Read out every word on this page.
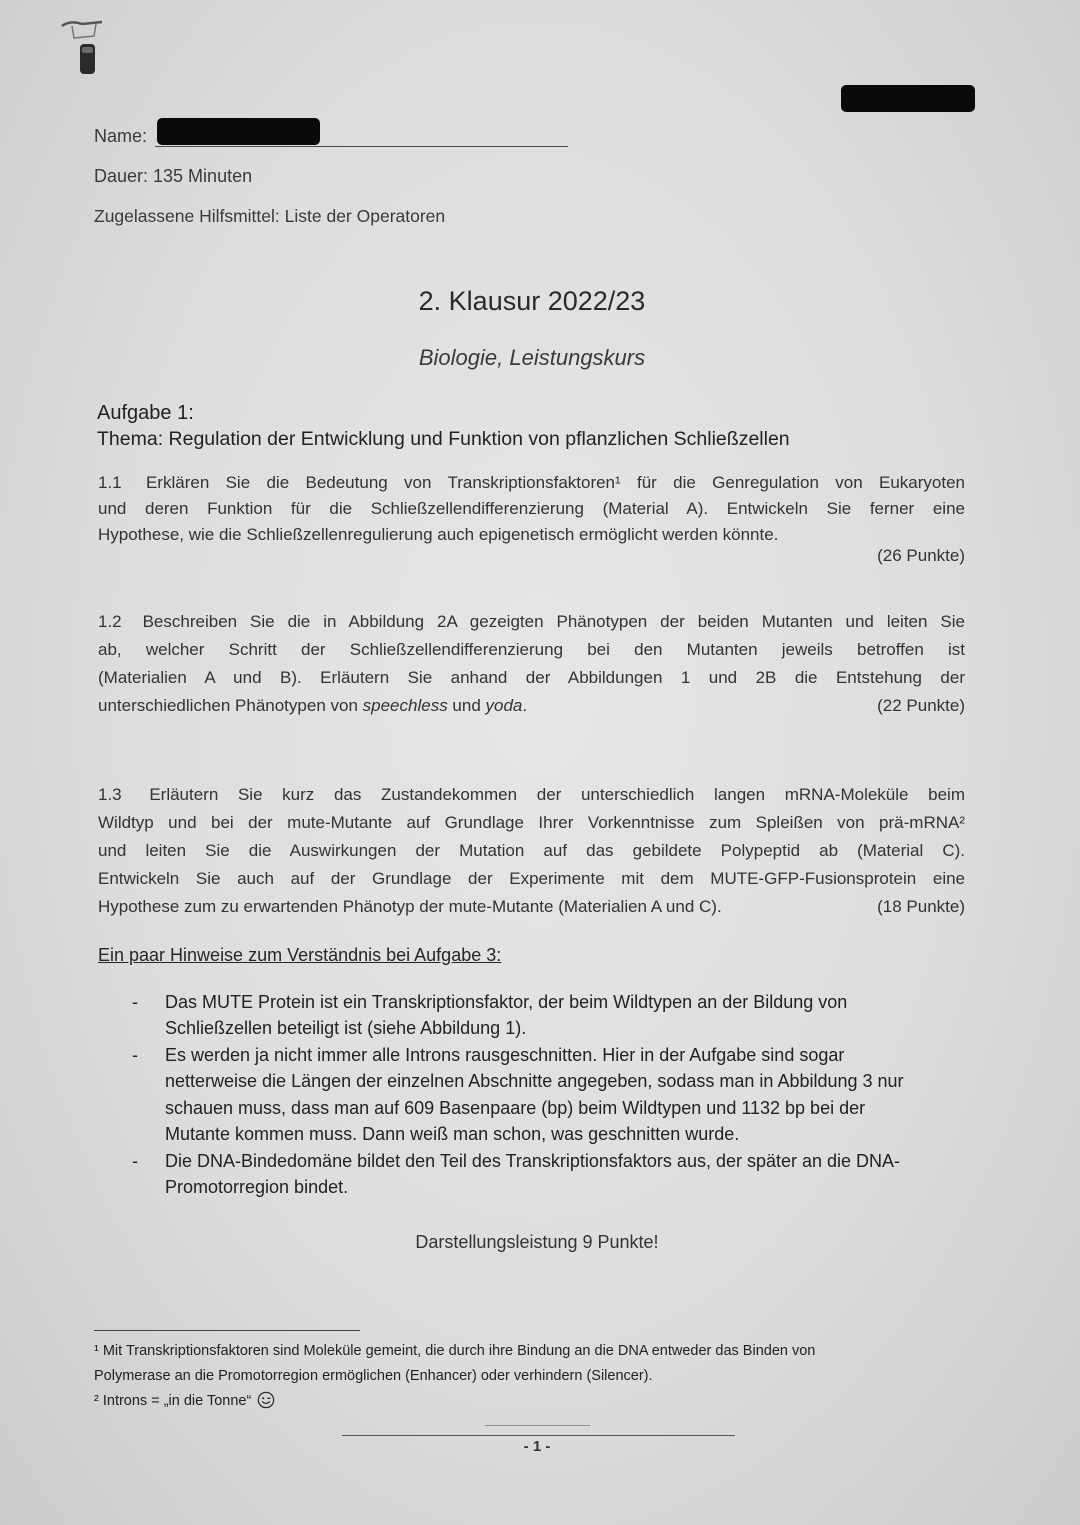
Name:
Dauer: 135 Minuten
Zugelassene Hilfsmittel: Liste der Operatoren
2. Klausur 2022/23
Biologie, Leistungskurs
Aufgabe 1:
Thema: Regulation der Entwicklung und Funktion von pflanzlichen Schließzellen
1.1 Erklären Sie die Bedeutung von Transkriptionsfaktoren¹ für die Genregulation von Eukaryoten
und deren Funktion für die Schließzellendifferenzierung (Material A). Entwickeln Sie ferner eine
Hypothese, wie die Schließzellenregulierung auch epigenetisch ermöglicht werden könnte.
(26 Punkte)
1.2 Beschreiben Sie die in Abbildung 2A gezeigten Phänotypen der beiden Mutanten und leiten Sie
ab, welcher Schritt der Schließzellendifferenzierung bei den Mutanten jeweils betroffen ist
(Materialien A und B). Erläutern Sie anhand der Abbildungen 1 und 2B die Entstehung der
unterschiedlichen Phänotypen von speechless und yoda.	(22 Punkte)
1.3 Erläutern Sie kurz das Zustandekommen der unterschiedlich langen mRNA-Moleküle beim
Wildtyp und bei der mute-Mutante auf Grundlage Ihrer Vorkenntnisse zum Spleißen von prä-mRNA²
und leiten Sie die Auswirkungen der Mutation auf das gebildete Polypeptid ab (Material C).
Entwickeln Sie auch auf der Grundlage der Experimente mit dem MUTE-GFP-Fusionsprotein eine
Hypothese zum zu erwartenden Phänotyp der mute-Mutante (Materialien A und C).	(18 Punkte)
Ein paar Hinweise zum Verständnis bei Aufgabe 3:
- Das MUTE Protein ist ein Transkriptionsfaktor, der beim Wildtypen an der Bildung von
Schließzellen beteiligt ist (siehe Abbildung 1).
- Es werden ja nicht immer alle Introns rausgeschnitten. Hier in der Aufgabe sind sogar
netterweise die Längen der einzelnen Abschnitte angegeben, sodass man in Abbildung 3 nur
schauen muss, dass man auf 609 Basenpaare (bp) beim Wildtypen und 1132 bp bei der
Mutante kommen muss. Dann weiß man schon, was geschnitten wurde.
- Die DNA-Bindedomäne bildet den Teil des Transkriptionsfaktors aus, der später an die DNA-
Promotorregion bindet.
Darstellungsleistung 9 Punkte!
¹ Mit Transkriptionsfaktoren sind Moleküle gemeint, die durch ihre Bindung an die DNA entweder das Binden von
Polymerase an die Promotorregion ermöglichen (Enhancer) oder verhindern (Silencer).
² Introns = „in die Tonne“
- 1 -
